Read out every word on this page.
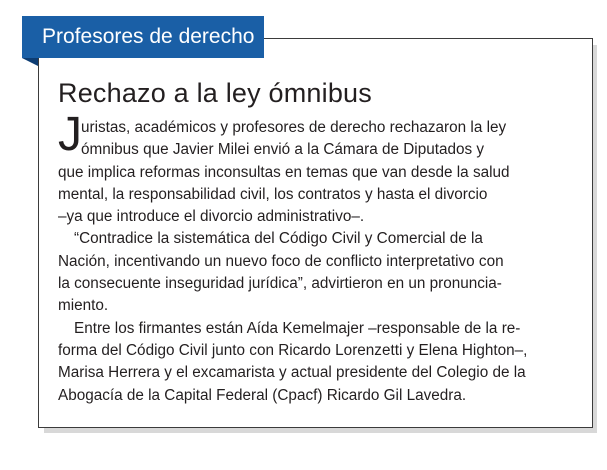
Profesores de derecho
Rechazo a la ley ómnibus
J uristas, académicos y profesores de derecho rechazaron la ley
ómnibus que Javier Milei envió a la Cámara de Diputados y
que implica reformas inconsultas en temas que van desde la salud
mental, la responsabilidad civil, los contratos y hasta el divorcio
–ya que introduce el divorcio administrativo–.
“Contradice la sistemática del Código Civil y Comercial de la
Nación, incentivando un nuevo foco de conflicto interpretativo con
la consecuente inseguridad jurídica”, advirtieron en un pronuncia-
miento.
Entre los firmantes están Aída Kemelmajer –responsable de la re-
forma del Código Civil junto con Ricardo Lorenzetti y Elena Highton–,
Marisa Herrera y el excamarista y actual presidente del Colegio de la
Abogacía de la Capital Federal (Cpacf) Ricardo Gil Lavedra.
